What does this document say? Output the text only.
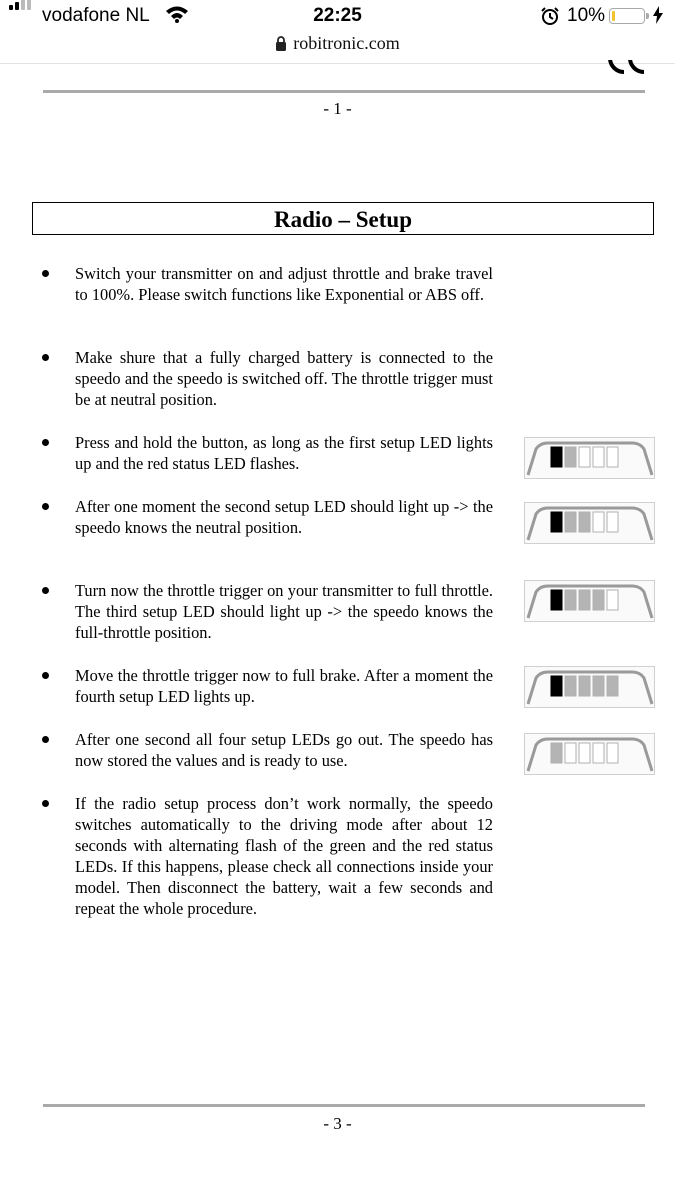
vodafone NL	22:25	10%
robitronic.com
- 1 -
Radio – Setup
Switch your transmitter on and adjust throttle and brake travel to 100%. Please switch functions like Exponential or ABS off.
Make shure that a fully charged battery is connected to the speedo and the speedo is switched off. The throttle trigger must be at neutral position.
Press and hold the button, as long as the first setup LED lights up and the red status LED flashes.
After one moment the second setup LED should light up -> the speedo knows the neutral position.
Turn now the throttle trigger on your transmitter to full throttle. The third setup LED should light up -> the speedo knows the full-throttle position.
Move the throttle trigger now to full brake. After a moment the fourth setup LED lights up.
After one second all four setup LEDs go out. The speedo has now stored the values and is ready to use.
If the radio setup process don’t work normally, the speedo switches automatically to the driving mode after about 12 seconds with alternating flash of the green and the red status LEDs. If this happens, please check all connections inside your model. Then disconnect the battery, wait a few seconds and repeat the whole procedure.
- 3 -
